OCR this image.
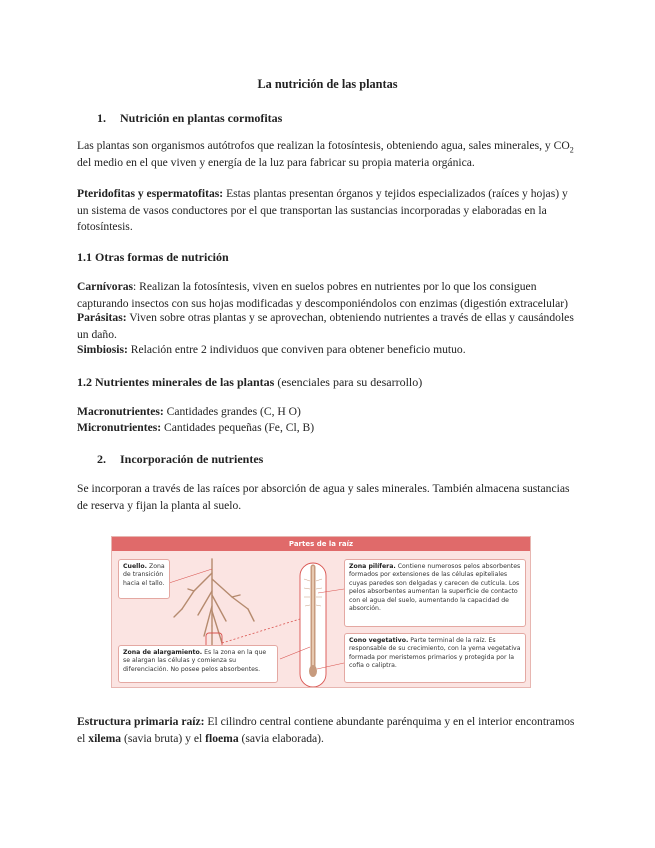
La nutrición de las plantas
1. Nutrición en plantas cormofitas

Las plantas son organismos autótrofos que realizan la fotosíntesis, obteniendo agua, sales minerales, y $CO_2$ del medio en el que viven y energía de la luz para fabricar su propia materia orgánica.

Pteridofitas y espermatofitas: Estas plantas presentan órganos y tejidos especializados (raíces y hojas) y un sistema de vasos conductores por el que transportan las sustancias incorporadas y elaboradas en la fotosíntesis.

1.1 Otras formas de nutrición

Carnívoras: Realizan la fotosíntesis, viven en suelos pobres en nutrientes por lo que los consiguen capturando insectos con sus hojas modificadas y descomponiéndolos con enzimas (digestión extracelular)

Parásitas: Viven sobre otras plantas y se aprovechan, obteniendo nutrientes a través de ellas y causándoles un daño.

Simbiosis: Relación entre 2 individuos que conviven para obtener beneficio mutuo.

1.2 Nutrientes minerales de las plantas (esenciales para su desarrollo)

Macronutrientes: Cantidades grandes (C, H O)

Micronutrientes: Cantidades pequeñas (Fe, Cl, B)

2. Incorporación de nutrientes

Se incorporan a través de las raíces por absorción de agua y sales minerales. También almacena sustancias de reserva y fijan la planta al suelo.

Partes de la raíz
Cuello. Zona de transición hacia el tallo.
Zona de alargamiento. Es la zona en la que se alargan las células y comienza su diferenciación. No posee pelos absorbentes.
Zona pilífera. Contiene numerosos pelos absorbentes formados por extensiones de las células epiteliales cuyas paredes son delgadas y carecen de cutícula. Los pelos absorbentes aumentan la superficie de contacto con el agua del suelo, aumentando la capacidad de absorción.
Cono vegetativo. Parte terminal de la raíz. Es responsable de su crecimiento, con la yema vegetativa formada por meristemos primarios y protegida por la cofia o caliptra.

Estructura primaria raíz: El cilindro central contiene abundante parénquima y en el interior encontramos el xilema (savia bruta) y el floema (savia elaborada).
